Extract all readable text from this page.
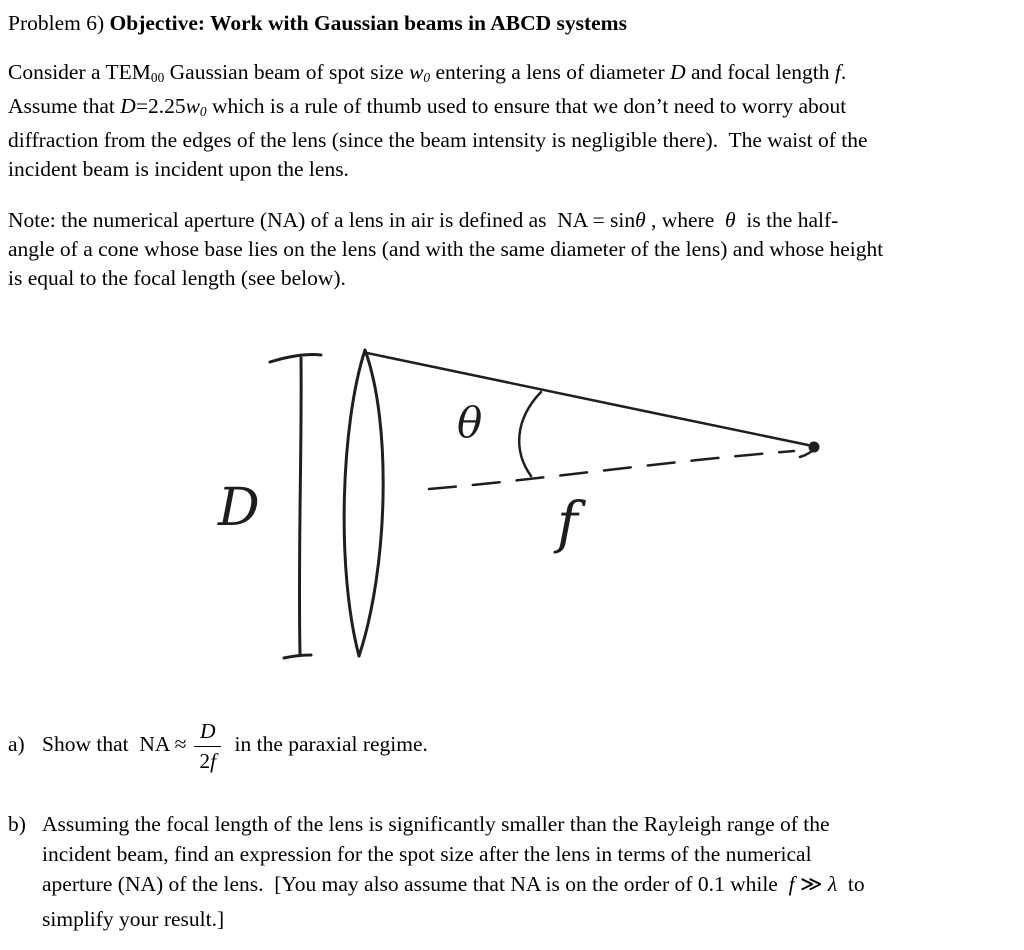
Problem 6) Objective: Work with Gaussian beams in ABCD systems

Consider a $TEM_{00}$ Gaussian beam of spot size $w_0$ entering a lens of diameter D and focal length f.

Assume that $D=2.25w_0$ which is a rule of thumb used to ensure that we don’t need to worry about

diffraction from the edges of the lens (since the beam intensity is negligible there).  The waist of the

incident beam is incident upon the lens.

Note: the numerical aperture (NA) of a lens in air is defined as  NA = sinθ , where  θ  is the half-

angle of a cone whose base lies on the lens (and with the same diameter of the lens) and whose height

is equal to the focal length (see below).

D
θ
f
a) Show that  NA ≈ $\frac{D}{2f}$ in the paraxial regime.

b) Assuming the focal length of the lens is significantly smaller than the Rayleigh range of the

incident beam, find an expression for the spot size after the lens in terms of the numerical

aperture (NA) of the lens.  [You may also assume that NA is on the order of 0.1 while  f ≫ λ  to

simplify your result.]
